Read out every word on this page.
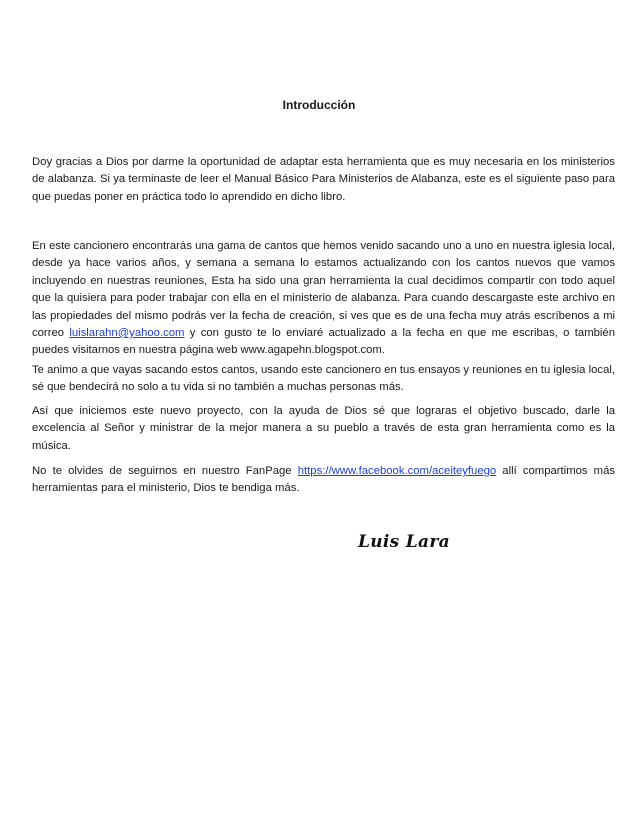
Introducción

Doy gracias a Dios por darme la oportunidad de adaptar esta herramienta que es muy necesaria en los ministerios de alabanza. Si ya terminaste de leer el Manual Básico Para Ministerios de Alabanza, este es el siguiente paso para que puedas poner en práctica todo lo aprendido en dicho libro.

En este cancionero encontrarás una gama de cantos que hemos venido sacando uno a uno en nuestra iglesia local, desde ya hace varios años, y semana a semana lo estamos actualizando con los cantos nuevos que vamos incluyendo en nuestras reuniones, Esta ha sido una gran herramienta la cual decidimos compartir con todo aquel que la quisiera para poder trabajar con ella en el ministerio de alabanza. Para cuando descargaste este archivo en las propiedades del mismo podrás ver la fecha de creación, si ves que es de una fecha muy atrás escríbenos a mi correo luislarahn@yahoo.com y con gusto te lo enviaré actualizado a la fecha en que me escribas, o también puedes visitarnos en nuestra página web www.agapehn.blogspot.com.

Te animo a que vayas sacando estos cantos, usando este cancionero en tus ensayos y reuniones en tu iglesia local, sé que bendecirá no solo a tu vida si no también a muchas personas más.

Así que iniciemos este nuevo proyecto, con la ayuda de Dios sé que lograras el objetivo buscado, darle la excelencia al Señor y ministrar de la mejor manera a su pueblo a través de esta gran herramienta como es la música.

No te olvides de seguirnos en nuestro FanPage https://www.facebook.com/aceiteyfuego allí compartimos más herramientas para el ministerio, Dios te bendiga más.

Luis Lara
